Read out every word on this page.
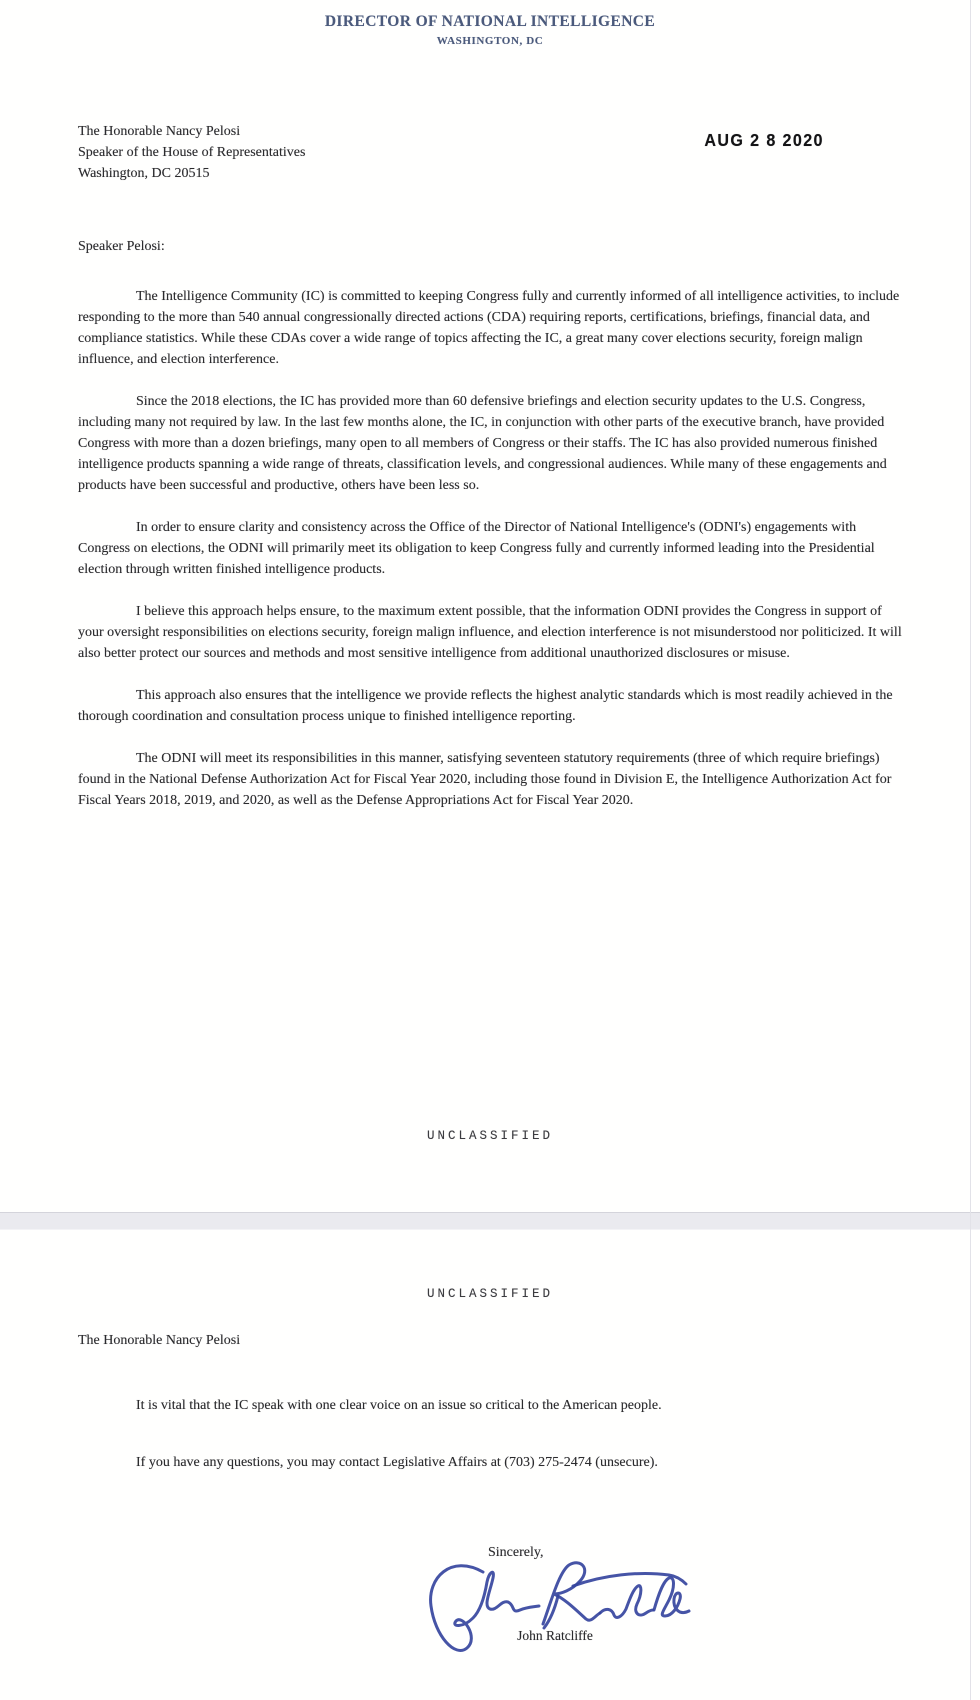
DIRECTOR OF NATIONAL INTELLIGENCE
WASHINGTON, DC
The Honorable Nancy Pelosi
Speaker of the House of Representatives
Washington, DC 20515
AUG 2 8 2020
Speaker Pelosi:

The Intelligence Community (IC) is committed to keeping Congress fully and currently informed of all intelligence activities, to include responding to the more than 540 annual congressionally directed actions (CDA) requiring reports, certifications, briefings, financial data, and compliance statistics. While these CDAs cover a wide range of topics affecting the IC, a great many cover elections security, foreign malign influence, and election interference.

Since the 2018 elections, the IC has provided more than 60 defensive briefings and election security updates to the U.S. Congress, including many not required by law. In the last few months alone, the IC, in conjunction with other parts of the executive branch, have provided Congress with more than a dozen briefings, many open to all members of Congress or their staffs. The IC has also provided numerous finished intelligence products spanning a wide range of threats, classification levels, and congressional audiences. While many of these engagements and products have been successful and productive, others have been less so.

In order to ensure clarity and consistency across the Office of the Director of National Intelligence's (ODNI's) engagements with Congress on elections, the ODNI will primarily meet its obligation to keep Congress fully and currently informed leading into the Presidential election through written finished intelligence products.

I believe this approach helps ensure, to the maximum extent possible, that the information ODNI provides the Congress in support of your oversight responsibilities on elections security, foreign malign influence, and election interference is not misunderstood nor politicized. It will also better protect our sources and methods and most sensitive intelligence from additional unauthorized disclosures or misuse.

This approach also ensures that the intelligence we provide reflects the highest analytic standards which is most readily achieved in the thorough coordination and consultation process unique to finished intelligence reporting.

The ODNI will meet its responsibilities in this manner, satisfying seventeen statutory requirements (three of which require briefings) found in the National Defense Authorization Act for Fiscal Year 2020, including those found in Division E, the Intelligence Authorization Act for Fiscal Years 2018, 2019, and 2020, as well as the Defense Appropriations Act for Fiscal Year 2020.

UNCLASSIFIED
UNCLASSIFIED
The Honorable Nancy Pelosi

It is vital that the IC speak with one clear voice on an issue so critical to the American people.

If you have any questions, you may contact Legislative Affairs at (703) 275-2474 (unsecure).

Sincerely,
John Ratcliffe
